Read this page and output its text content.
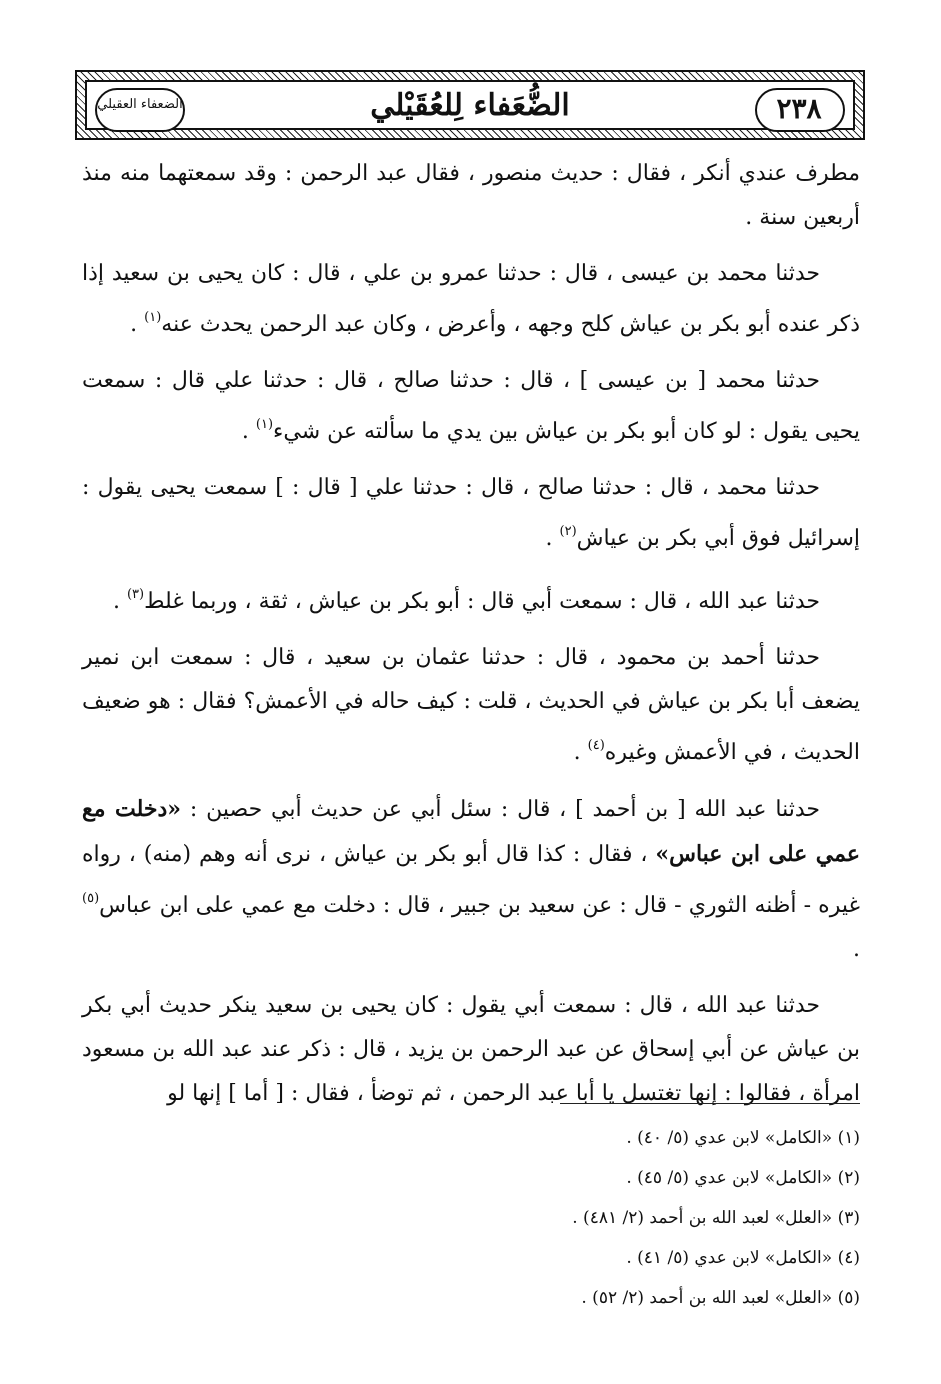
٢٣٨
الضُّعَفاء لِلعُقَيْلي
الضعفاء العقيلي

مطرف عندي أنكر ، فقال : حديث منصور ، فقال عبد الرحمن : وقد سمعتهما منه منذ أربعين سنة .

حدثنا محمد بن عيسى ، قال : حدثنا عمرو بن علي ، قال : كان يحيى بن سعيد إذا ذكر عنده أبو بكر بن عياش كلح وجهه ، وأعرض ، وكان عبد الرحمن يحدث عنه$^{(١)}$ .

حدثنا محمد [ بن عيسى ] ، قال : حدثنا صالح ، قال : حدثنا علي قال : سمعت يحيى يقول : لو كان أبو بكر بن عياش بين يدي ما سألته عن شيء$^{(١)}$ .

حدثنا محمد ، قال : حدثنا صالح ، قال : حدثنا علي [ قال : ] سمعت يحيى يقول : إسرائيل فوق أبي بكر بن عياش$^{(٢)}$ .

حدثنا عبد الله ، قال : سمعت أبي قال : أبو بكر بن عياش ، ثقة ، وربما غلط$^{(٣)}$ .

حدثنا أحمد بن محمود ، قال : حدثنا عثمان بن سعيد ، قال : سمعت ابن نمير يضعف أبا بكر بن عياش في الحديث ، قلت : كيف حاله في الأعمش؟ فقال : هو ضعيف الحديث ، في الأعمش وغيره$^{(٤)}$ .

حدثنا عبد الله [ بن أحمد ] ، قال : سئل أبي عن حديث أبي حصين : «دخلت مع عمي على ابن عباس» ، فقال : كذا قال أبو بكر بن عياش ، نرى أنه وهم (منه) ، رواه غيره - أظنه الثوري - قال : عن سعيد بن جبير ، قال : دخلت مع عمي على ابن عباس$^{(٥)}$ .

حدثنا عبد الله ، قال : سمعت أبي يقول : كان يحيى بن سعيد ينكر حديث أبي بكر بن عياش عن أبي إسحاق عن عبد الرحمن بن يزيد ، قال : ذكر عند عبد الله بن مسعود امرأة ، فقالوا : إنها تغتسل يا أبا عبد الرحمن ، ثم توضأ ، فقال : [ أما ] إنها لو

(١) «الكامل» لابن عدي (٥/ ٤٠) .
(٢) «الكامل» لابن عدي (٥/ ٤٥) .
(٣) «العلل» لعبد الله بن أحمد (٢/ ٤٨١) .
(٤) «الكامل» لابن عدي (٥/ ٤١) .
(٥) «العلل» لعبد الله بن أحمد (٢/ ٥٢) .
